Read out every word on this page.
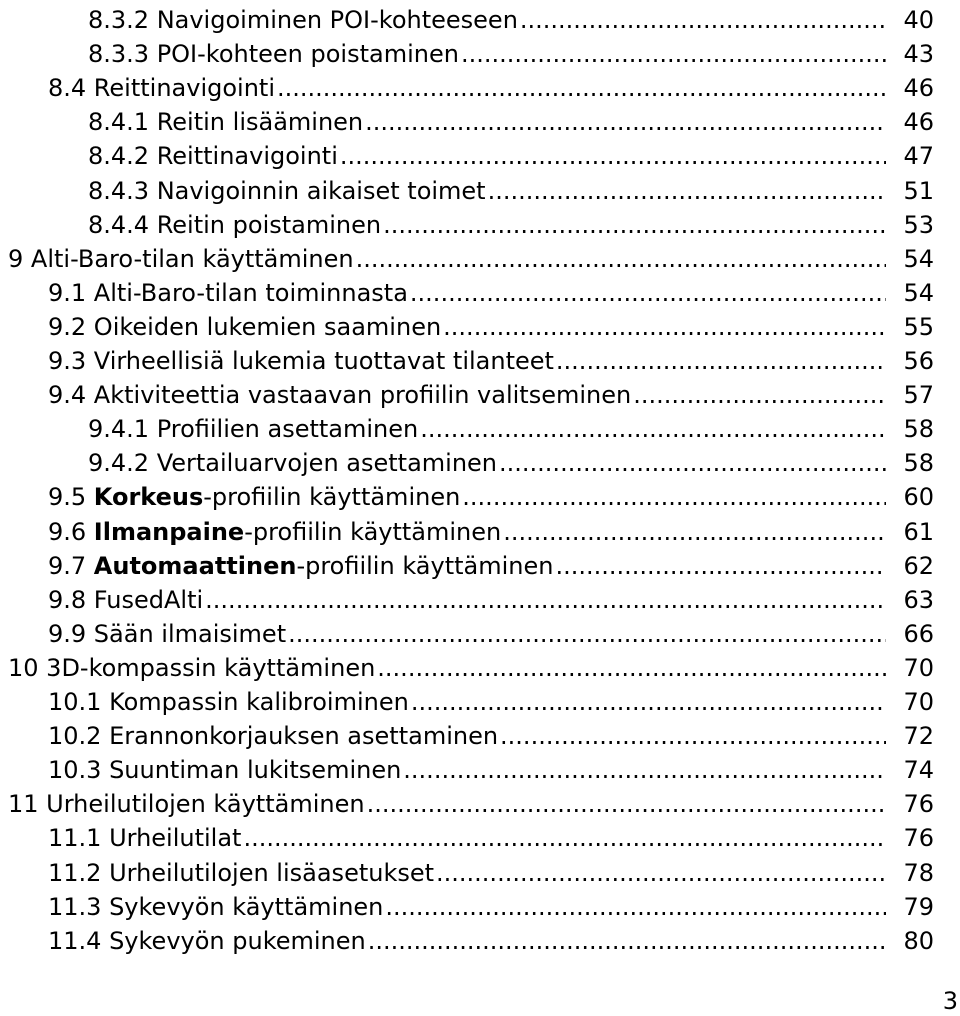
8.3.2 Navigoiminen POI-kohteeseen .....	40
8.3.3 POI-kohteen poistaminen .....	43
8.4 Reittinavigointi .....	46
8.4.1 Reitin lisääminen .....	46
8.4.2 Reittinavigointi .....	47
8.4.3 Navigoinnin aikaiset toimet .....	51
8.4.4 Reitin poistaminen .....	53
9 Alti-Baro-tilan käyttäminen .....	54
9.1 Alti-Baro-tilan toiminnasta .....	54
9.2 Oikeiden lukemien saaminen .....	55
9.3 Virheellisiä lukemia tuottavat tilanteet .....	56
9.4 Aktiviteettia vastaavan profiilin valitseminen .....	57
9.4.1 Profiilien asettaminen .....	58
9.4.2 Vertailuarvojen asettaminen .....	58
9.5 Korkeus-profiilin käyttäminen .....	60
9.6 Ilmanpaine-profiilin käyttäminen .....	61
9.7 Automaattinen-profiilin käyttäminen .....	62
9.8 FusedAlti .....	63
9.9 Sään ilmaisimet .....	66
10 3D-kompassin käyttäminen .....	70
10.1 Kompassin kalibroiminen .....	70
10.2 Erannonkorjauksen asettaminen .....	72
10.3 Suuntiman lukitseminen .....	74
11 Urheilutilojen käyttäminen .....	76
11.1 Urheilutilat .....	76
11.2 Urheilutilojen lisäasetukset .....	78
11.3 Sykevyön käyttäminen .....	79
11.4 Sykevyön pukeminen .....	80
3
